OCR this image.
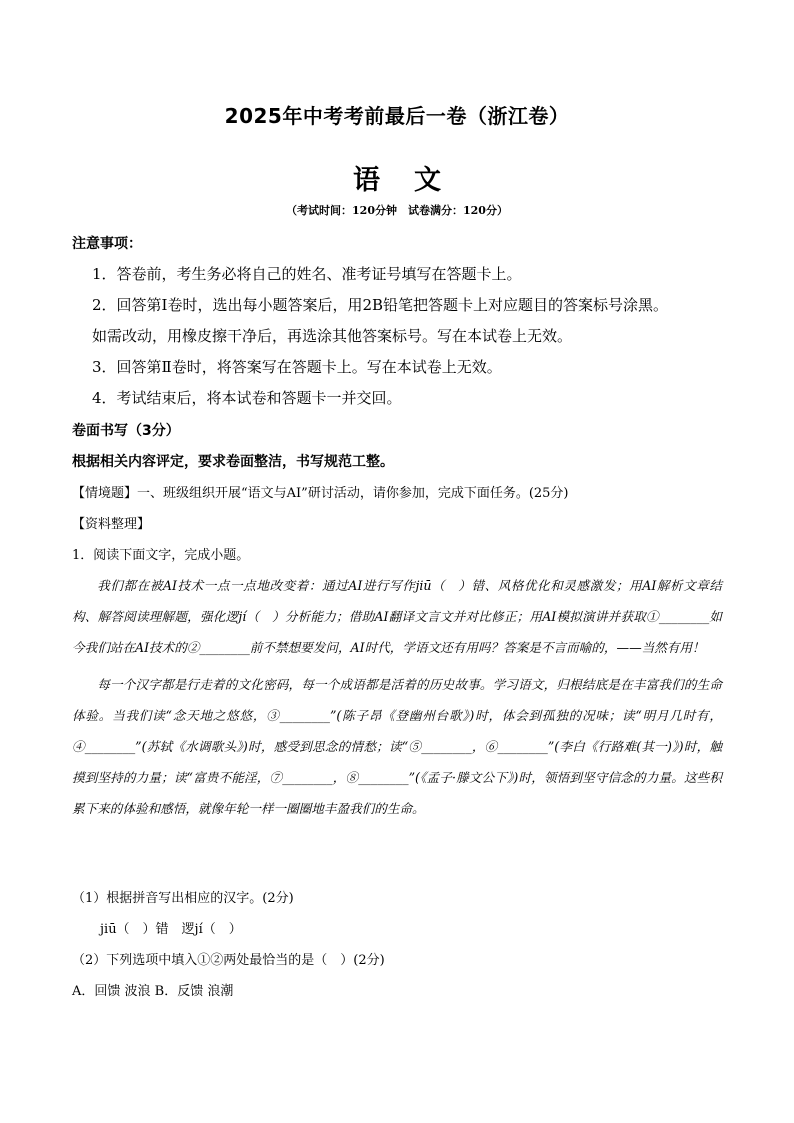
2025年中考考前最后一卷（浙江卷）
语 文
（考试时间：120分钟　试卷满分：120分）
注意事项：
1．答卷前，考生务必将自己的姓名、准考证号填写在答题卡上。
2．回答第Ⅰ卷时，选出每小题答案后，用2B铅笔把答题卡上对应题目的答案标号涂黑。
如需改动，用橡皮擦干净后，再选涂其他答案标号。写在本试卷上无效。
3．回答第Ⅱ卷时，将答案写在答题卡上。写在本试卷上无效。
4．考试结束后，将本试卷和答题卡一并交回。
卷面书写（3分）
根据相关内容评定，要求卷面整洁，书写规范工整。
【情境题】一、班级组织开展“语文与AI”研讨活动，请你参加，完成下面任务。(25分)
【资料整理】
1．阅读下面文字，完成小题。

我们都在被AI技术一点一点地改变着：通过AI进行写作jiū（　）错、风格优化和灵感激发；用AI解析文章结构、解答阅读理解题，强化逻jí（　）分析能力；借助AI翻译文言文并对比修正；用AI模拟演讲并获取①________如今我们站在AI技术的②________前不禁想要发问，AI时代，学语文还有用吗？答案是不言而喻的，——当然有用！

每一个汉字都是行走着的文化密码，每一个成语都是活着的历史故事。学习语文，归根结底是在丰富我们的生命体验。当我们读“念天地之悠悠，③________”(陈子昂《登幽州台歌》)时，体会到孤独的况味；读“明月几时有，④________”(苏轼《水调歌头》)时，感受到思念的情愁；读“⑤________，⑥________”(李白《行路难(其一)》)时，触摸到坚持的力量；读“富贵不能淫，⑦________，⑧________”(《孟子·滕文公下》)时，领悟到坚守信念的力量。这些积累下来的体验和感悟，就像年轮一样一圈圈地丰盈我们的生命。

（1）根据拼音写出相应的汉字。(2分)
jiū（　）错　逻jí（　）
（2）下列选项中填入①②两处最恰当的是（　）(2分)
A．回馈 波浪 B．反馈 浪潮
